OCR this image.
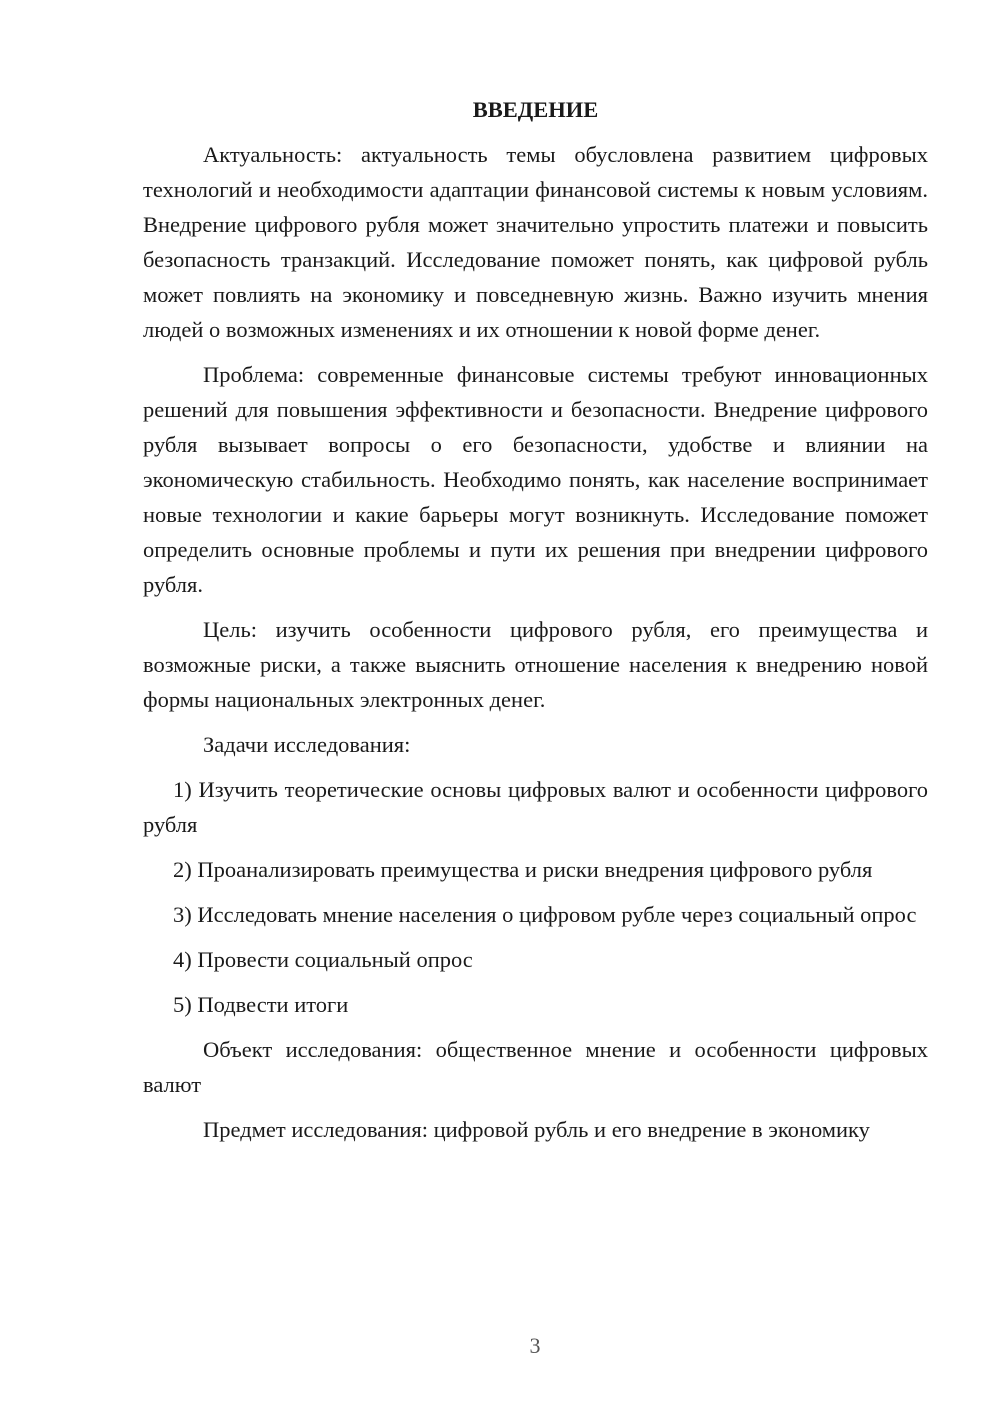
ВВЕДЕНИЕ

Актуальность: актуальность темы обусловлена развитием цифровых технологий и необходимости адаптации финансовой системы к новым условиям. Внедрение цифрового рубля может значительно упростить платежи и повысить безопасность транзакций. Исследование поможет понять, как цифровой рубль может повлиять на экономику и повседневную жизнь. Важно изучить мнения людей о возможных изменениях и их отношении к новой форме денег.

Проблема: современные финансовые системы требуют инновационных решений для повышения эффективности и безопасности. Внедрение цифрового рубля вызывает вопросы о его безопасности, удобстве и влиянии на экономическую стабильность. Необходимо понять, как население воспринимает новые технологии и какие барьеры могут возникнуть. Исследование поможет определить основные проблемы и пути их решения при внедрении цифрового рубля.

Цель: изучить особенности цифрового рубля, его преимущества и возможные риски, а также выяснить отношение населения к внедрению новой формы национальных электронных денег.

Задачи исследования:

1) Изучить теоретические основы цифровых валют и особенности цифрового рубля

2) Проанализировать преимущества и риски внедрения цифрового рубля

3) Исследовать мнение населения о цифровом рубле через социальный опрос

4) Провести социальный опрос

5) Подвести итоги

Объект исследования: общественное мнение и особенности цифровых валют

Предмет исследования: цифровой рубль и его внедрение в экономику

3
